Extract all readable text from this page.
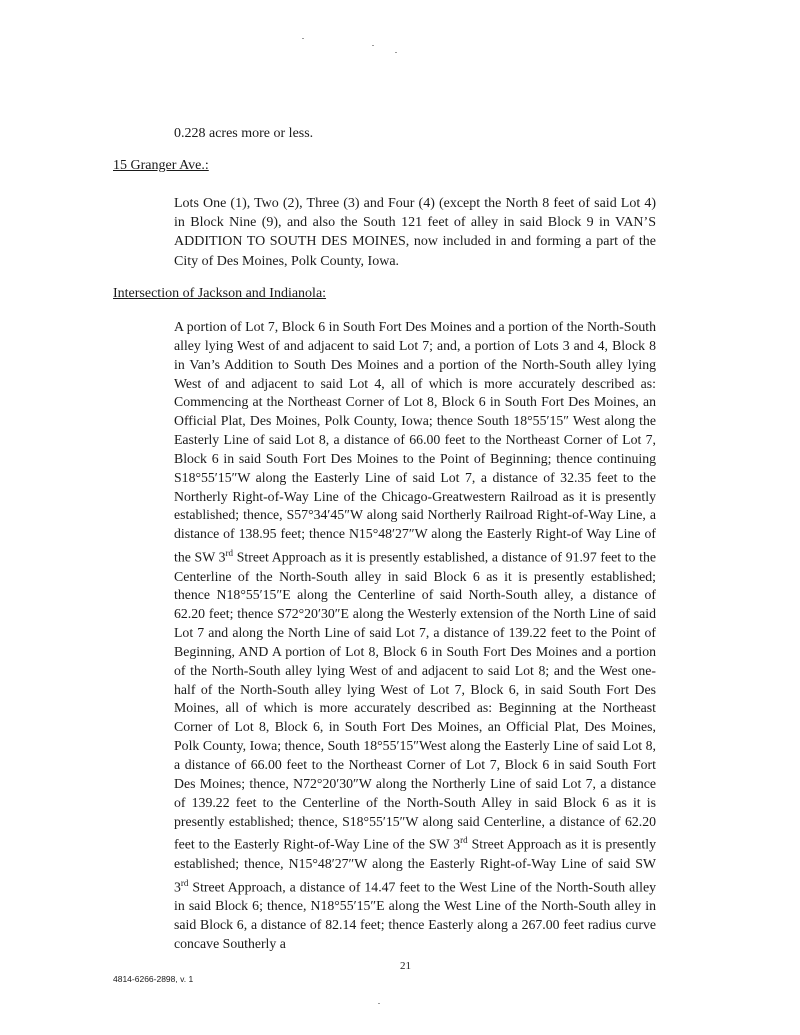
0.228 acres more or less.
15 Granger Ave.:

Lots One (1), Two (2), Three (3) and Four (4) (except the North 8 feet of said Lot 4) in Block Nine (9), and also the South 121 feet of alley in said Block 9 in VAN’S ADDITION TO SOUTH DES MOINES, now included in and forming a part of the City of Des Moines, Polk County, Iowa.

Intersection of Jackson and Indianola:

A portion of Lot 7, Block 6 in South Fort Des Moines and a portion of the North-South alley lying West of and adjacent to said Lot 7; and, a portion of Lots 3 and 4, Block 8 in Van’s Addition to South Des Moines and a portion of the North-South alley lying West of and adjacent to said Lot 4, all of which is more accurately described as: Commencing at the Northeast Corner of Lot 8, Block 6 in South Fort Des Moines, an Official Plat, Des Moines, Polk County, Iowa; thence South 18°55′15″ West along the Easterly Line of said Lot 8, a distance of 66.00 feet to the Northeast Corner of Lot 7, Block 6 in said South Fort Des Moines to the Point of Beginning; thence continuing S18°55′15″W along the Easterly Line of said Lot 7, a distance of 32.35 feet to the Northerly Right-of-Way Line of the Chicago-Greatwestern Railroad as it is presently established; thence, S57°34′45″W along said Northerly Railroad Right-of-Way Line, a distance of 138.95 feet; thence N15°48′27″W along the Easterly Right-of Way Line of the SW 3rd Street Approach as it is presently established, a distance of 91.97 feet to the Centerline of the North-South alley in said Block 6 as it is presently established; thence N18°55′15″E along the Centerline of said North-South alley, a distance of 62.20 feet; thence S72°20′30″E along the Westerly extension of the North Line of said Lot 7 and along the North Line of said Lot 7, a distance of 139.22 feet to the Point of Beginning, AND A portion of Lot 8, Block 6 in South Fort Des Moines and a portion of the North-South alley lying West of and adjacent to said Lot 8; and the West one-half of the North-South alley lying West of Lot 7, Block 6, in said South Fort Des Moines, all of which is more accurately described as: Beginning at the Northeast Corner of Lot 8, Block 6, in South Fort Des Moines, an Official Plat, Des Moines, Polk County, Iowa; thence, South 18°55′15″West along the Easterly Line of said Lot 8, a distance of 66.00 feet to the Northeast Corner of Lot 7, Block 6 in said South Fort Des Moines; thence, N72°20′30″W along the Northerly Line of said Lot 7, a distance of 139.22 feet to the Centerline of the North-South Alley in said Block 6 as it is presently established; thence, S18°55′15″W along said Centerline, a distance of 62.20 feet to the Easterly Right-of-Way Line of the SW 3rd Street Approach as it is presently established; thence, N15°48′27″W along the Easterly Right-of-Way Line of said SW 3rd Street Approach, a distance of 14.47 feet to the West Line of the North-South alley in said Block 6; thence, N18°55′15″E along the West Line of the North-South alley in said Block 6, a distance of 82.14 feet; thence Easterly along a 267.00 feet radius curve concave Southerly a

21
4814-6266-2898, v. 1
